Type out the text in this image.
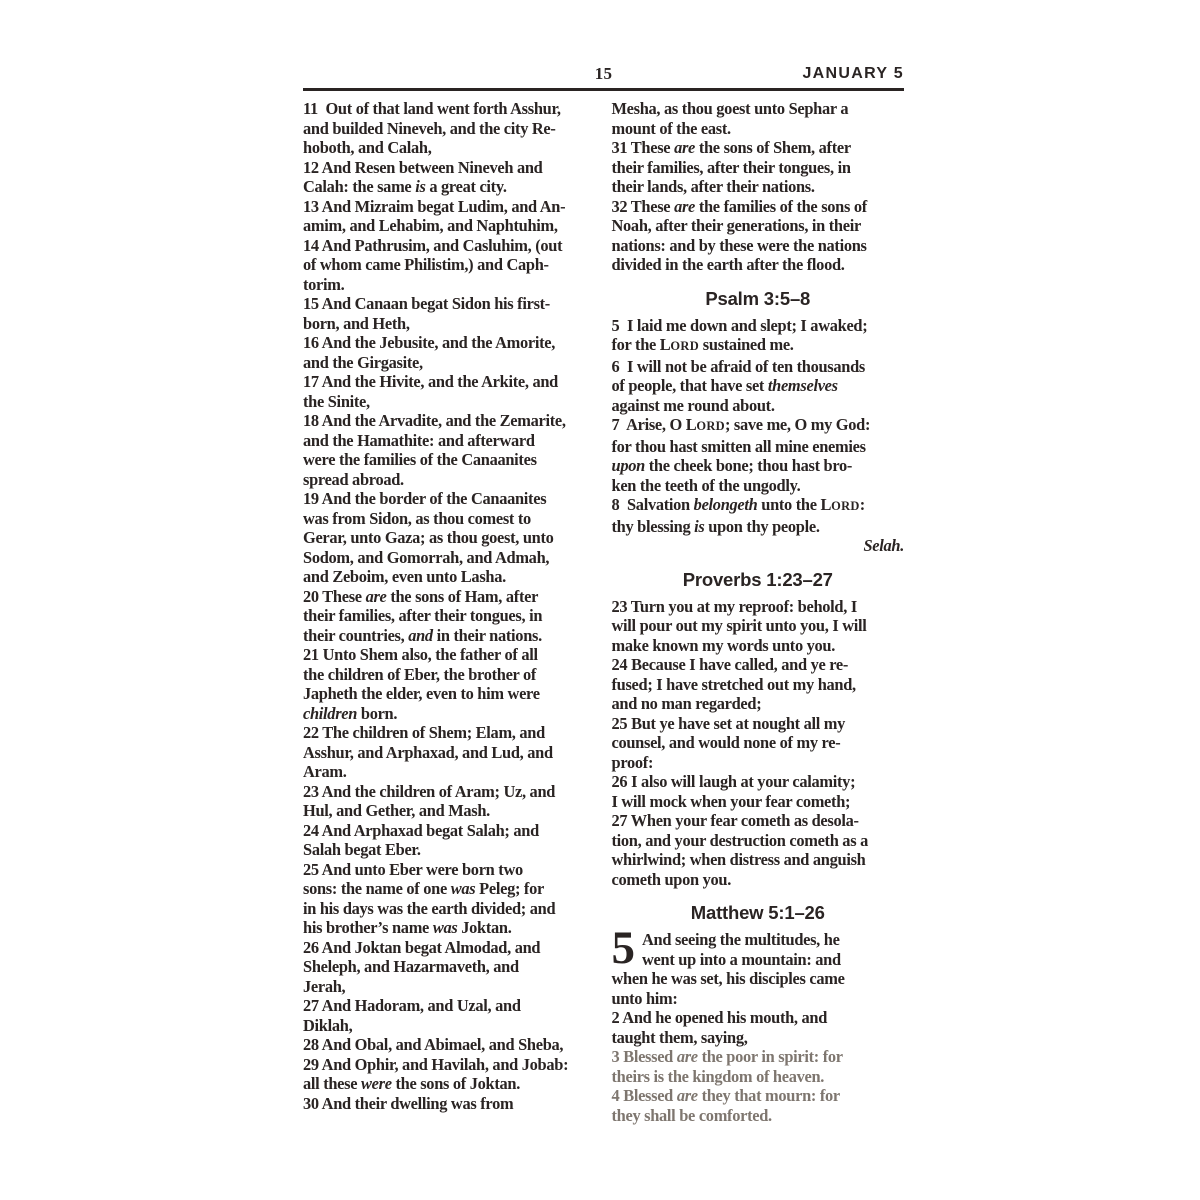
15	JANUARY 5
11  Out of that land went forth Asshur,
and builded Nineveh, and the city Re-
hoboth, and Calah,
12 And Resen between Nineveh and
Calah: the same is a great city.
13 And Mizraim begat Ludim, and An-
amim, and Lehabim, and Naphtuhim,
14 And Pathrusim, and Casluhim, (out
of whom came Philistim,) and Caph-
torim.
15 And Canaan begat Sidon his first-
born, and Heth,
16 And the Jebusite, and the Amorite,
and the Girgasite,
17 And the Hivite, and the Arkite, and
the Sinite,
18 And the Arvadite, and the Zemarite,
and the Hamathite: and afterward
were the families of the Canaanites
spread abroad.
19 And the border of the Canaanites
was from Sidon, as thou comest to
Gerar, unto Gaza; as thou goest, unto
Sodom, and Gomorrah, and Admah,
and Zeboim, even unto Lasha.
20 These are the sons of Ham, after
their families, after their tongues, in
their countries, and in their nations.
21 Unto Shem also, the father of all
the children of Eber, the brother of
Japheth the elder, even to him were
children born.
22 The children of Shem; Elam, and
Asshur, and Arphaxad, and Lud, and
Aram.
23 And the children of Aram; Uz, and
Hul, and Gether, and Mash.
24 And Arphaxad begat Salah; and
Salah begat Eber.
25 And unto Eber were born two
sons: the name of one was Peleg; for
in his days was the earth divided; and
his brother’s name was Joktan.
26 And Joktan begat Almodad, and
Sheleph, and Hazarmaveth, and
Jerah,
27 And Hadoram, and Uzal, and
Diklah,
28 And Obal, and Abimael, and Sheba,
29 And Ophir, and Havilah, and Jobab:
all these were the sons of Joktan.
30 And their dwelling was from
Mesha, as thou goest unto Sephar a
mount of the east.
31 These are the sons of Shem, after
their families, after their tongues, in
their lands, after their nations.
32 These are the families of the sons of
Noah, after their generations, in their
nations: and by these were the nations
divided in the earth after the flood.
Psalm 3:5–8
5  I laid me down and slept; I awaked;
for the LORD sustained me.
6  I will not be afraid of ten thousands
of people, that have set themselves
against me round about.
7  Arise, O LORD; save me, O my God:
for thou hast smitten all mine enemies
upon the cheek bone; thou hast bro-
ken the teeth of the ungodly.
8  Salvation belongeth unto the LORD:
thy blessing is upon thy people.
Selah.
Proverbs 1:23–27
23 Turn you at my reproof: behold, I
will pour out my spirit unto you, I will
make known my words unto you.
24 Because I have called, and ye re-
fused; I have stretched out my hand,
and no man regarded;
25 But ye have set at nought all my
counsel, and would none of my re-
proof:
26 I also will laugh at your calamity;
I will mock when your fear cometh;
27 When your fear cometh as desola-
tion, and your destruction cometh as a
whirlwind; when distress and anguish
cometh upon you.
Matthew 5:1–26
5 And seeing the multitudes, he
went up into a mountain: and
when he was set, his disciples came
unto him:
2 And he opened his mouth, and
taught them, saying,
3 Blessed are the poor in spirit: for
theirs is the kingdom of heaven.
4 Blessed are they that mourn: for
they shall be comforted.
